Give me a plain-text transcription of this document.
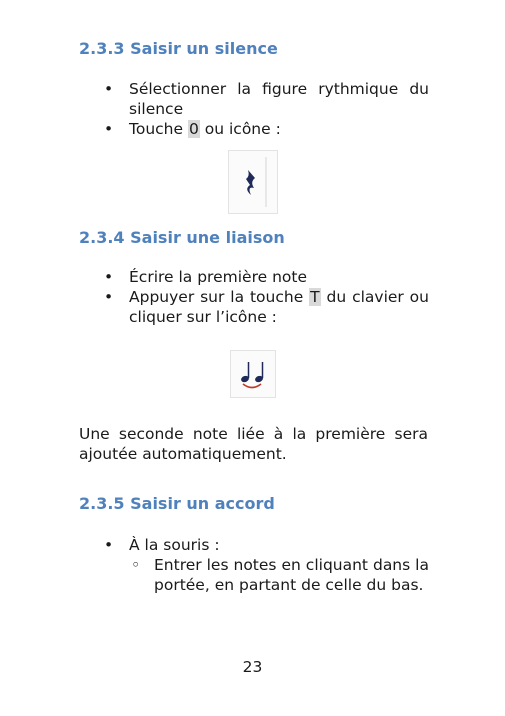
2.3.3 Saisir un silence
• Sélectionner la figure rythmique du silence
• Touche 0 ou icône :
2.3.4 Saisir une liaison
• Écrire la première note
• Appuyer sur la touche T du clavier ou cliquer sur l’icône :

Une seconde note liée à la première sera ajoutée automatiquement.

2.3.5 Saisir un accord
• À la souris :
◦ Entrer les notes en cliquant dans la portée, en partant de celle du bas.

23
